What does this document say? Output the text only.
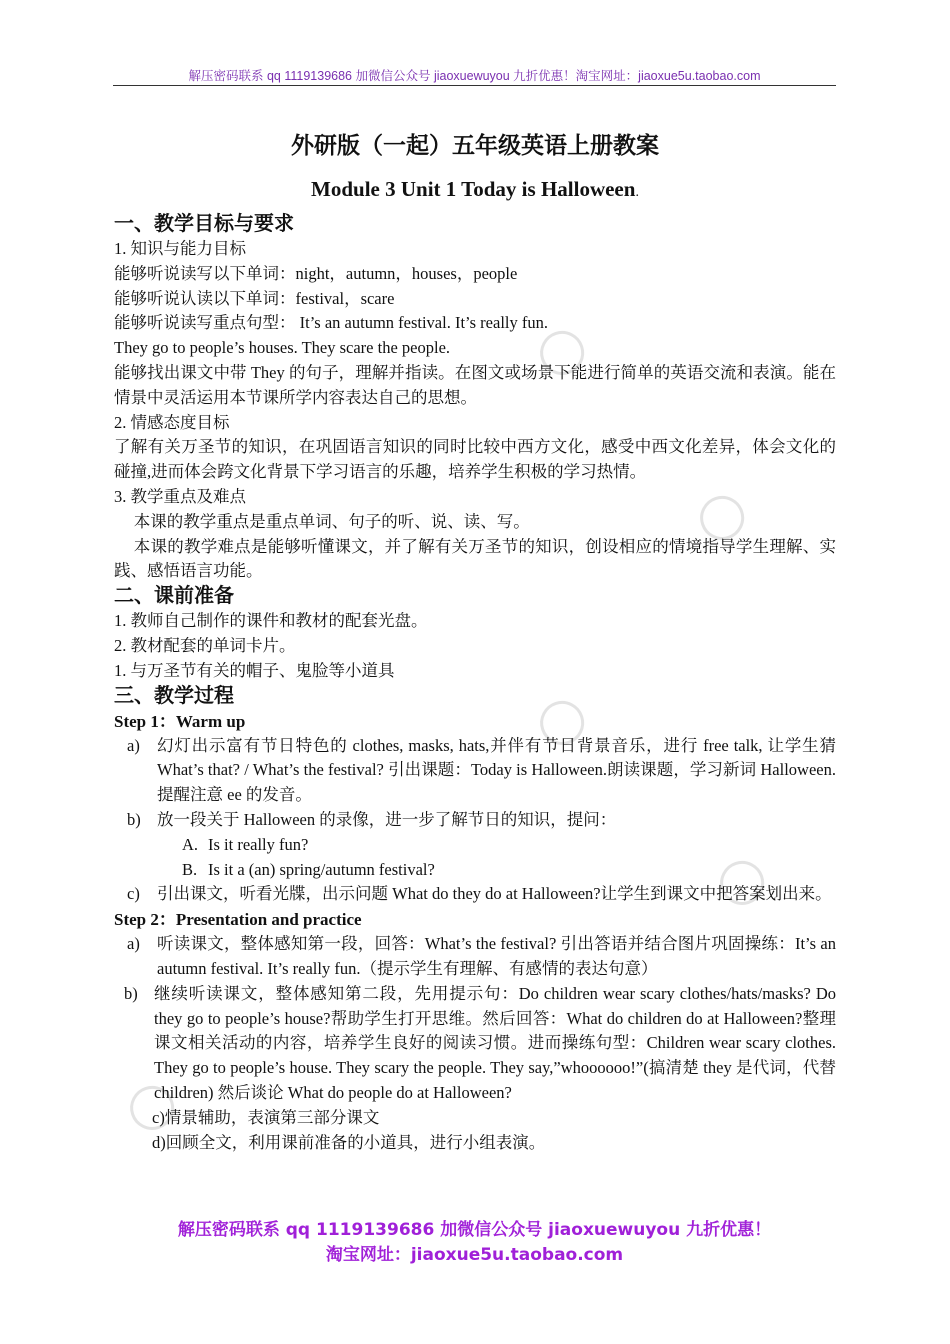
解压密码联系 qq 1119139686 加微信公众号 jiaoxuewuyou 九折优惠！淘宝网址：jiaoxue5u.taobao.com

外研版（一起）五年级英语上册教案

Module 3 Unit 1 Today is Halloween.

一、教学目标与要求

1. 知识与能力目标

能够听说读写以下单词：night，autumn，houses，people

能够听说认读以下单词：festival，scare

能够听说读写重点句型： It’s an autumn festival. It’s really fun.

They go to people’s houses. They scare the people.

能够找出课文中带 They 的句子，理解并指读。在图文或场景下能进行简单的英语交流和表演。能在情景中灵活运用本节课所学内容表达自己的思想。

2. 情感态度目标

了解有关万圣节的知识，在巩固语言知识的同时比较中西方文化，感受中西文化差异，体会文化的碰撞,进而体会跨文化背景下学习语言的乐趣，培养学生积极的学习热情。

3. 教学重点及难点

本课的教学重点是重点单词、句子的听、说、读、写。

本课的教学难点是能够听懂课文，并了解有关万圣节的知识，创设相应的情境指导学生理解、实践、感悟语言功能。

二、课前准备

1. 教师自己制作的课件和教材的配套光盘。

2. 教材配套的单词卡片。

1. 与万圣节有关的帽子、鬼脸等小道具

三、教学过程

Step 1：Warm up

a)	幻灯出示富有节日特色的 clothes, masks, hats,并伴有节日背景音乐，进行 free talk, 让学生猜 What’s that? / What’s the festival? 引出课题：Today is Halloween.朗读课题，学习新词 Halloween.提醒注意 ee 的发音。
b) 放一段关于 Halloween 的录像，进一步了解节日的知识，提问：
A. Is it really fun?
B. Is it a (an) spring/autumn festival?
c)	引出课文，听看光牒，出示问题 What do they do at Halloween?让学生到课文中把答案划出来。

Step 2：Presentation and practice

a)	听读课文，整体感知第一段，回答：What’s the festival? 引出答语并结合图片巩固操练：It’s an autumn festival. It’s really fun.（提示学生有理解、有感情的表达句意）
b) 继续听读课文，整体感知第二段，先用提示句：Do children wear scary clothes/hats/masks? Do they go to people’s house?帮助学生打开思维。然后回答：What do children do at Halloween?整理课文相关活动的内容，培养学生良好的阅读习惯。进而操练句型：Children wear scary clothes. They go to people’s house. They scary the people. They say,”whoooooo!”(搞清楚 they 是代词，代替 children) 然后谈论 What do people do at Halloween?
c)情景辅助，表演第三部分课文
d)回顾全文，利用课前准备的小道具，进行小组表演。
解压密码联系 qq 1119139686 加微信公众号 jiaoxuewuyou 九折优惠！
淘宝网址：jiaoxue5u.taobao.com
